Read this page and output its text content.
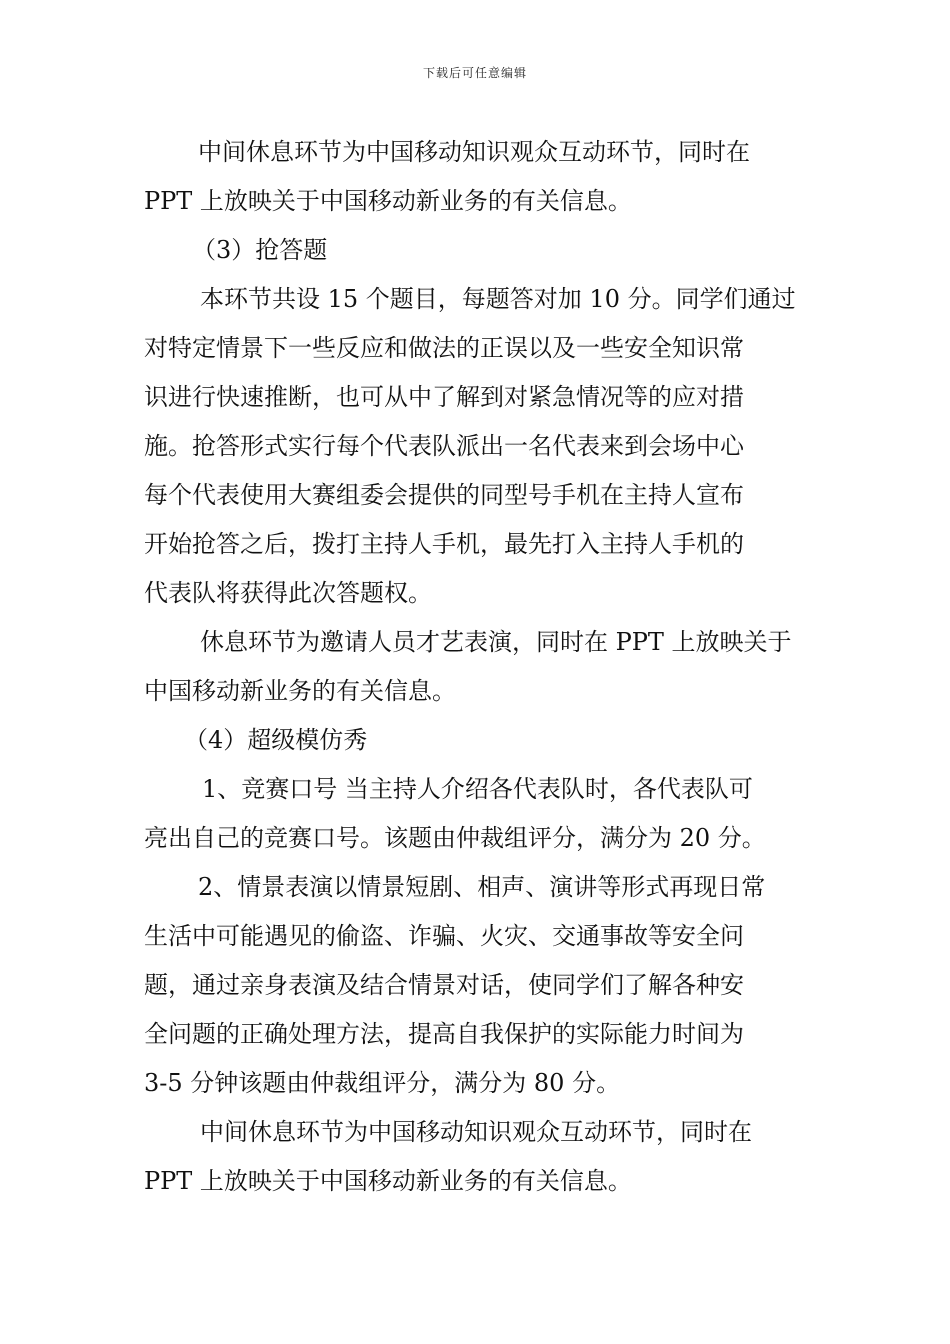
下载后可任意编辑
中间休息环节为中国移动知识观众互动环节，同时在
PPT 上放映关于中国移动新业务的有关信息。
（3）抢答题
本环节共设 15 个题目，每题答对加 10 分。同学们通过
对特定情景下一些反应和做法的正误以及一些安全知识常
识进行快速推断，也可从中了解到对紧急情况等的应对措
施。抢答形式实行每个代表队派出一名代表来到会场中心
每个代表使用大赛组委会提供的同型号手机在主持人宣布
开始抢答之后，拨打主持人手机，最先打入主持人手机的
代表队将获得此次答题权。
休息环节为邀请人员才艺表演，同时在 PPT 上放映关于
中国移动新业务的有关信息。
（4）超级模仿秀
1、竞赛口号 当主持人介绍各代表队时，各代表队可
亮出自己的竞赛口号。该题由仲裁组评分，满分为 20 分。
2、情景表演以情景短剧、相声、演讲等形式再现日常
生活中可能遇见的偷盗、诈骗、火灾、交通事故等安全问
题，通过亲身表演及结合情景对话，使同学们了解各种安
全问题的正确处理方法，提高自我保护的实际能力时间为
3-5 分钟该题由仲裁组评分，满分为 80 分。
中间休息环节为中国移动知识观众互动环节，同时在
PPT 上放映关于中国移动新业务的有关信息。
